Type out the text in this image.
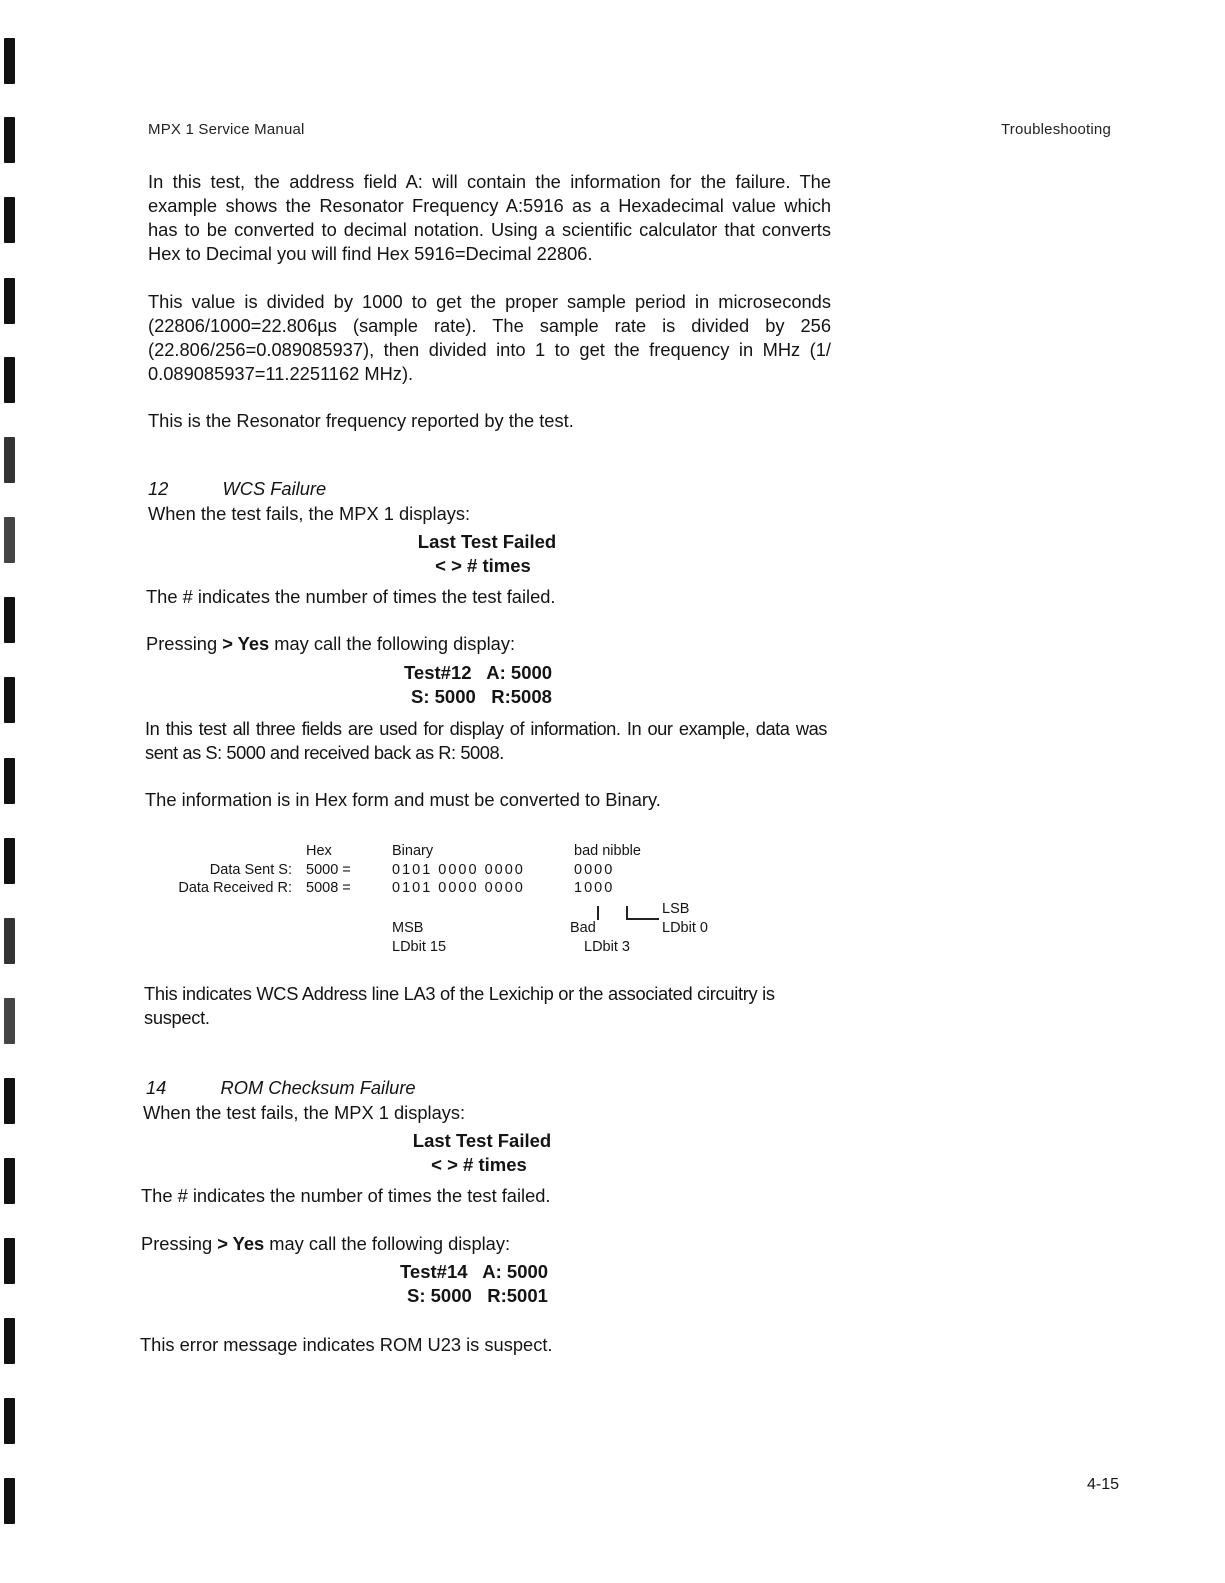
MPX 1 Service Manual	Troubleshooting

In this test, the address field A: will contain the information for the failure. The example shows the Resonator Frequency A:5916 as a Hexadecimal value which has to be converted to decimal notation. Using a scientific calculator that converts Hex to Decimal you will find Hex 5916=Decimal 22806.

This value is divided by 1000 to get the proper sample period in microseconds (22806/1000=22.806µs (sample rate). The sample rate is divided by 256 (22.806/256=0.089085937), then divided into 1 to get the frequency in MHz (1/ 0.089085937=11.2251162 MHz).

This is the Resonator frequency reported by the test.

12	WCS Failure

When the test fails, the MPX 1 displays:

Last Test Failed
< > # times

The # indicates the number of times the test failed.

Pressing > Yes may call the following display:

Test#12   A: 5000
S: 5000   R:5008

In this test all three fields are used for display of information. In our example, data was sent as S: 5000 and received back as R: 5008.

The information is in Hex form and must be converted to Binary.

Hex	Binary	bad nibble
Data Sent S: 5000 =	0101 0000 0000	0000
Data Received R: 5008 =	0101 0000 0000	1000
LSB
MSB	Bad	LDbit 0
LDbit 15	LDbit 3

This indicates WCS Address line LA3 of the Lexichip or the associated circuitry is suspect.

14	ROM Checksum Failure

When the test fails, the MPX 1 displays:

Last Test Failed
< > # times

The # indicates the number of times the test failed.

Pressing > Yes may call the following display:

Test#14   A: 5000
S: 5000   R:5001

This error message indicates ROM U23 is suspect.

4-15
